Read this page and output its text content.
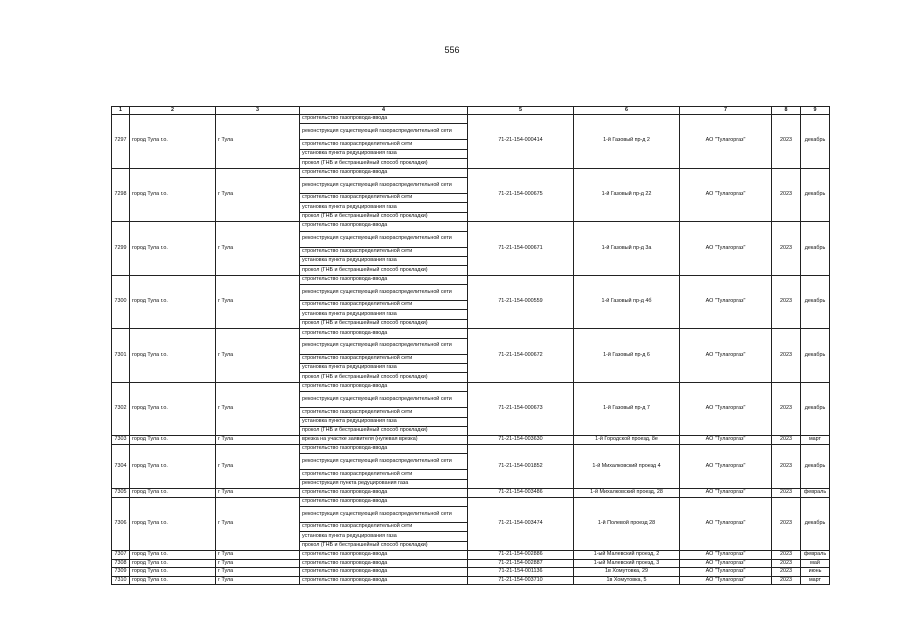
556
1	2	3	4	5	6	7	8	9
7297	город Тула г.о.	г Тула	строительство газопровода-ввода	71-21-154-000414	1-й Газовый пр-д 2	АО "Тулагоргаз"	2023	декабрь
			реконструкция существующей газораспределительной сети					
			строительство газораспределительной сети					
			установка пункта редуцирования газа					
			прокол (ГНБ и бестраншейный способ прокладки)					
7298	город Тула г.о.	г Тула	строительство газопровода-ввода	71-21-154-000675	1-й Газовый пр-д 22	АО "Тулагоргаз"	2023	декабрь
			реконструкция существующей газораспределительной сети					
			строительство газораспределительной сети					
			установка пункта редуцирования газа					
			прокол (ГНБ и бестраншейный способ прокладки)					
7299	город Тула г.о.	г Тула	строительство газопровода-ввода	71-21-154-000671	1-й Газовый пр-д 3а	АО "Тулагоргаз"	2023	декабрь
			реконструкция существующей газораспределительной сети					
			строительство газораспределительной сети					
			установка пункта редуцирования газа					
			прокол (ГНБ и бестраншейный способ прокладки)					
7300	город Тула г.о.	г Тула	строительство газопровода-ввода	71-21-154-000559	1-й Газовый пр-д 4б	АО "Тулагоргаз"	2023	декабрь
			реконструкция существующей газораспределительной сети					
			строительство газораспределительной сети					
			установка пункта редуцирования газа					
			прокол (ГНБ и бестраншейный способ прокладки)					
7301	город Тула г.о.	г Тула	строительство газопровода-ввода	71-21-154-000672	1-й Газовый пр-д 6	АО "Тулагоргаз"	2023	декабрь
			реконструкция существующей газораспределительной сети					
			строительство газораспределительной сети					
			установка пункта редуцирования газа					
			прокол (ГНБ и бестраншейный способ прокладки)					
7302	город Тула г.о.	г Тула	строительство газопровода-ввода	71-21-154-000673	1-й Газовый пр-д 7	АО "Тулагоргаз"	2023	декабрь
			реконструкция существующей газораспределительной сети					
			строительство газораспределительной сети					
			установка пункта редуцирования газа					
			прокол (ГНБ и бестраншейный способ прокладки)					
7303	город Тула г.о.	г Тула	врезка на участке заявителя (нулевая врезка)	71-21-154-003630	1-й Городской проезд, 8е	АО "Тулагоргаз"	2023	март
7304	город Тула г.о.	г Тула	строительство газопровода-ввода	71-21-154-001852	1-й Михалковский проезд 4	АО "Тулагоргаз"	2023	декабрь
			реконструкция существующей газораспределительной сети					
			строительство газораспределительной сети					
			реконструкция пункта редуцирования газа					
7305	город Тула г.о.	г Тула	строительство газопровода-ввода	71-21-154-003486	1-й Михалковский проезд, 28	АО "Тулагоргаз"	2023	февраль
7306	город Тула г.о.	г Тула	строительство газопровода-ввода	71-21-154-003474	1-й Полевой проезд 28	АО "Тулагоргаз"	2023	декабрь
			реконструкция существующей газораспределительной сети					
			строительство газораспределительной сети					
			установка пункта редуцирования газа					
			прокол (ГНБ и бестраншейный способ прокладки)					
7307	город Тула г.о.	г Тула	строительство газопровода-ввода	71-21-154-002886	1-ый Малевский проезд, 2	АО "Тулагоргаз"	2023	февраль
7308	город Тула г.о.	г Тула	строительство газопровода-ввода	71-21-154-002887	1-ый Малевский проезд, 3	АО "Тулагоргаз"	2023	май
7309	город Тула г.о.	г Тула	строительство газопровода-ввода	71-21-154-001136	1в Хомутовка, 29	АО "Тулагоргаз"	2023	июнь
7310	город Тула г.о.	г Тула	строительство газопровода-ввода	71-21-154-003710	1в Хомутовка, 5	АО "Тулагоргаз"	2023	март
